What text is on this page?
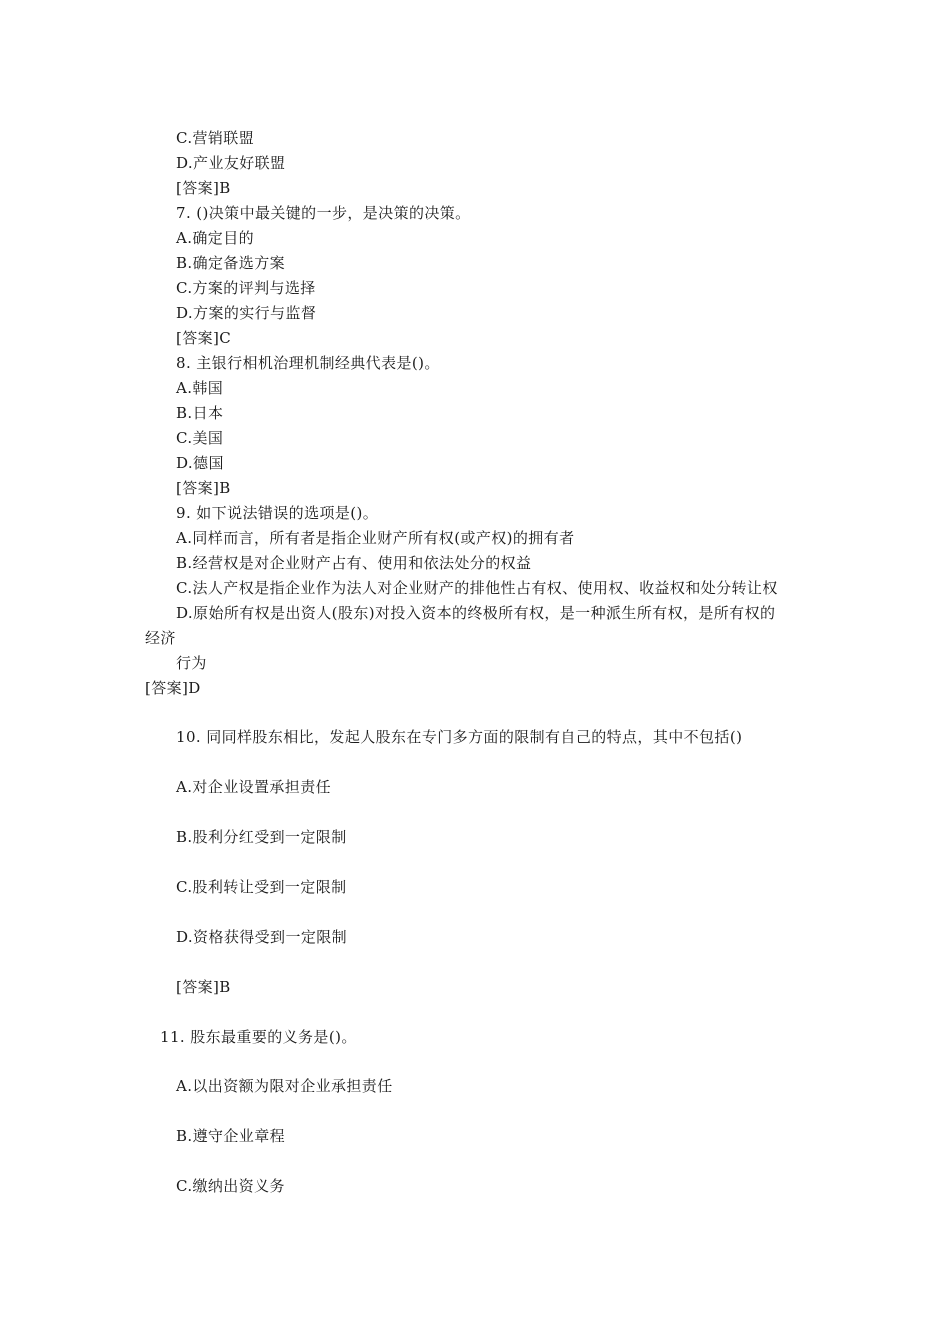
C.营销联盟
D.产业友好联盟
[答案]B
7. ()决策中最关键的一步，是决策的决策。
A.确定目的
B.确定备选方案
C.方案的评判与选择
D.方案的实行与监督
[答案]C
8. 主银行相机治理机制经典代表是()。
A.韩国
B.日本
C.美国
D.德国
[答案]B
9. 如下说法错误的选项是()。
A.同样而言，所有者是指企业财产所有权(或产权)的拥有者
B.经营权是对企业财产占有、使用和依法处分的权益
C.法人产权是指企业作为法人对企业财产的排他性占有权、使用权、收益权和处分转让权
D.原始所有权是出资人(股东)对投入资本的终极所有权，是一种派生所有权，是所有权的
经济
行为
[答案]D
10. 同同样股东相比，发起人股东在专门多方面的限制有自己的特点，其中不包括()
A.对企业设置承担责任
B.股利分红受到一定限制
C.股利转让受到一定限制
D.资格获得受到一定限制
[答案]B
11. 股东最重要的义务是()。
A.以出资额为限对企业承担责任
B.遵守企业章程
C.缴纳出资义务
